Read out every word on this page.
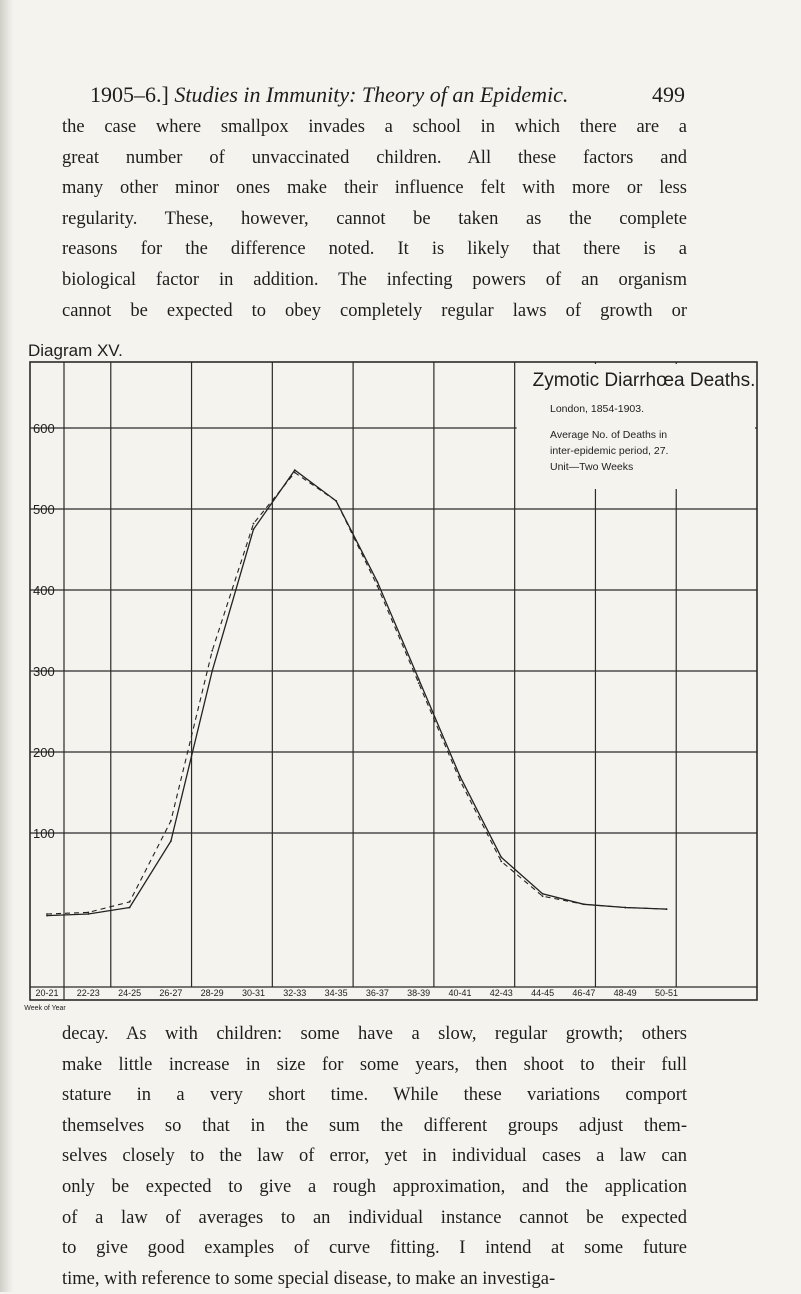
1905–6.] Studies in Immunity: Theory of an Epidemic.	499
the case where smallpox invades a school in which there are a
great number of unvaccinated children. All these factors and
many other minor ones make their influence felt with more or less
regularity. These, however, cannot be taken as the complete
reasons for the difference noted. It is likely that there is a
biological factor in addition. The infecting powers of an organism
cannot be expected to obey completely regular laws of growth or
Diagram XV.
600
500
400
300
200
100
20-21 22-23 24-25 26-27 28-29 30-31 32-33 34-35 36-37 38-39 40-41 42-43 44-45 46-47 48-49 50-51
Zymotic Diarrhœa Deaths.
London, 1854-1903.
Average No. of Deaths in
inter-epidemic period, 27.
Unit—Two Weeks
Week of Year
decay. As with children: some have a slow, regular growth; others
make little increase in size for some years, then shoot to their full
stature in a very short time. While these variations comport
themselves so that in the sum the different groups adjust them-
selves closely to the law of error, yet in individual cases a law can
only be expected to give a rough approximation, and the application
of a law of averages to an individual instance cannot be expected
to give good examples of curve fitting. I intend at some future
time, with reference to some special disease, to make an investiga-
